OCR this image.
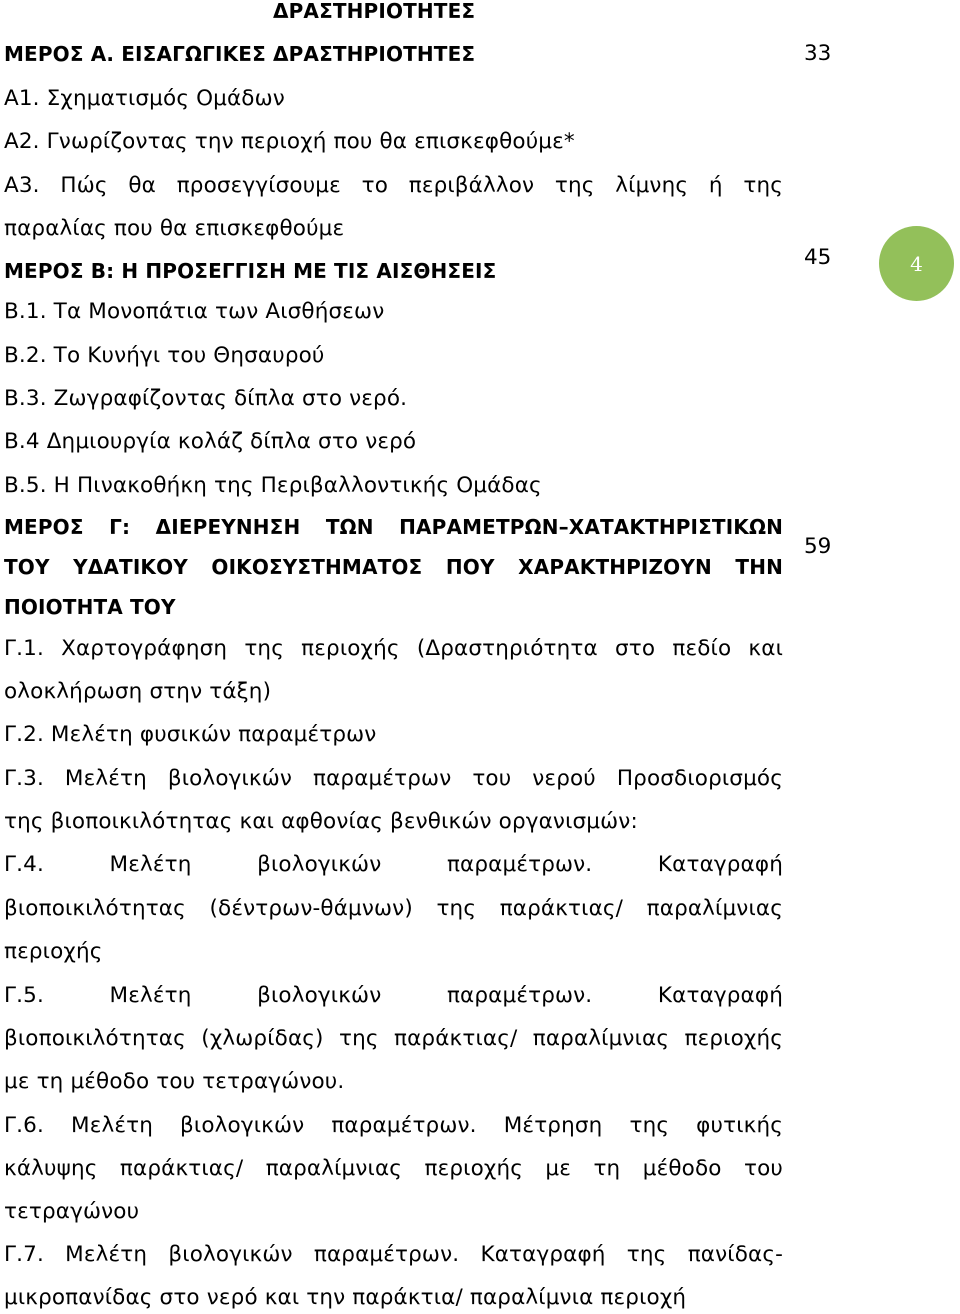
ΔΡΑΣΤΗΡΙΟΤΗΤΕΣ
ΜΕΡΟΣ Α. ΕΙΣΑΓΩΓΙΚΕΣ ΔΡΑΣΤΗΡΙΟΤΗΤΕΣ
Α1. Σχηματισμός Ομάδων
Α2. Γνωρίζοντας την περιοχή που θα επισκεφθούμε*
Α3. Πώς θα προσεγγίσουμε το περιβάλλον της λίμνης ή της
παραλίας που θα επισκεφθούμε
ΜΕΡΟΣ Β: Η ΠΡΟΣΕΓΓΙΣΗ ΜΕ ΤΙΣ ΑΙΣΘΗΣΕΙΣ
Β.1. Τα Μονοπάτια των Αισθήσεων
Β.2. Το Κυνήγι του Θησαυρού
Β.3. Ζωγραφίζοντας δίπλα στο νερό.
Β.4 Δημιουργία κολάζ δίπλα στο νερό
Β.5. Η Πινακοθήκη της Περιβαλλοντικής Ομάδας
ΜΕΡΟΣ Γ: ΔΙΕΡΕΥΝΗΣΗ ΤΩΝ ΠΑΡΑΜΕΤΡΩΝ–ΧΑΤΑΚΤΗΡΙΣΤΙΚΩΝ
ΤΟΥ ΥΔΑΤΙΚΟΥ ΟΙΚΟΣΥΣΤΗΜΑΤΟΣ ΠΟΥ ΧΑΡΑΚΤΗΡΙΖΟΥΝ ΤΗΝ
ΠΟΙΟΤΗΤΑ ΤΟΥ
Γ.1. Χαρτογράφηση της περιοχής (Δραστηριότητα στο πεδίο και
ολοκλήρωση στην τάξη)
Γ.2. Μελέτη φυσικών παραμέτρων
Γ.3. Μελέτη βιολογικών παραμέτρων του νερού Προσδιορισμός
της βιοποικιλότητας και αφθονίας βενθικών οργανισμών:
Γ.4. Μελέτη βιολογικών παραμέτρων. Καταγραφή
βιοποικιλότητας (δέντρων-θάμνων) της παράκτιας/ παραλίμνιας
περιοχής
Γ.5. Μελέτη βιολογικών παραμέτρων. Καταγραφή
βιοποικιλότητας (χλωρίδας) της παράκτιας/ παραλίμνιας περιοχής
με τη μέθοδο του τετραγώνου.
Γ.6. Μελέτη βιολογικών παραμέτρων. Μέτρηση της φυτικής
κάλυψης παράκτιας/ παραλίμνιας περιοχής με τη μέθοδο του
τετραγώνου
Γ.7. Μελέτη βιολογικών παραμέτρων. Καταγραφή της πανίδας-
μικροπανίδας στο νερό και την παράκτια/ παραλίμνια περιοχή
33
45
59
4
